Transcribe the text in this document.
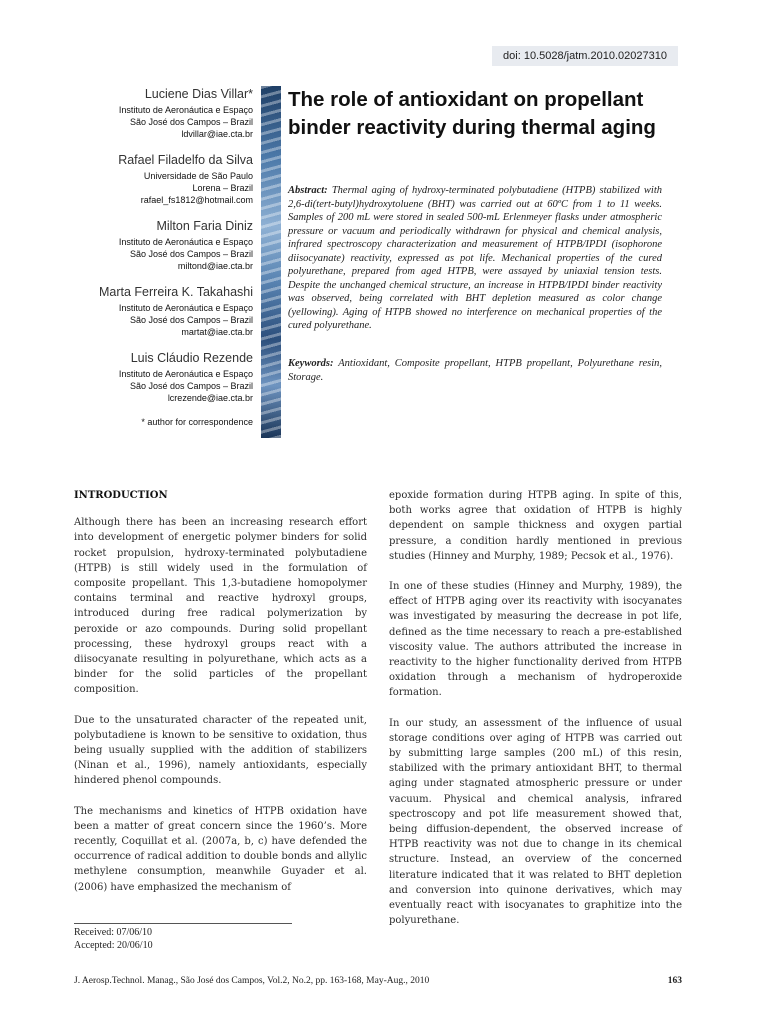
doi: 10.5028/jatm.2010.02027310
Luciene Dias Villar*
Instituto de Aeronáutica e Espaço
São José dos Campos – Brazil
ldvillar@iae.cta.br
Rafael Filadelfo da Silva
Universidade de São Paulo
Lorena – Brazil
rafael_fs1812@hotmail.com
Milton Faria Diniz
Instituto de Aeronáutica e Espaço
São José dos Campos – Brazil
miltond@iae.cta.br
Marta Ferreira K. Takahashi
Instituto de Aeronáutica e Espaço
São José dos Campos – Brazil
martat@iae.cta.br
Luis Cláudio Rezende
Instituto de Aeronáutica e Espaço
São José dos Campos – Brazil
lcrezende@iae.cta.br
* author for correspondence
The role of antioxidant on propellant binder reactivity during thermal aging

Abstract: Thermal aging of hydroxy-terminated polybutadiene (HTPB) stabilized with 2,6-di(tert-butyl)hydroxytoluene (BHT) was carried out at 60ºC from 1 to 11 weeks. Samples of 200 mL were stored in sealed 500-mL Erlenmeyer flasks under atmospheric pressure or vacuum and periodically withdrawn for physical and chemical analysis, infrared spectroscopy characterization and measurement of HTPB/IPDI (isophorone diisocyanate) reactivity, expressed as pot life. Mechanical properties of the cured polyurethane, prepared from aged HTPB, were assayed by uniaxial tension tests. Despite the unchanged chemical structure, an increase in HTPB/IPDI binder reactivity was observed, being correlated with BHT depletion measured as color change (yellowing). Aging of HTPB showed no interference on mechanical properties of the cured polyurethane.

Keywords: Antioxidant, Composite propellant, HTPB propellant, Polyurethane resin, Storage.

INTRODUCTION

Although there has been an increasing research effort into development of energetic polymer binders for solid rocket propulsion, hydroxy-terminated polybutadiene (HTPB) is still widely used in the formulation of composite propellant. This 1,3-butadiene homopolymer contains terminal and reactive hydroxyl groups, introduced during free radical polymerization by peroxide or azo compounds. During solid propellant processing, these hydroxyl groups react with a diisocyanate resulting in polyurethane, which acts as a binder for the solid particles of the propellant composition.

Due to the unsaturated character of the repeated unit, polybutadiene is known to be sensitive to oxidation, thus being usually supplied with the addition of stabilizers (Ninan et al., 1996), namely antioxidants, especially hindered phenol compounds.

The mechanisms and kinetics of HTPB oxidation have been a matter of great concern since the 1960’s. More recently, Coquillat et al. (2007a, b, c) have defended the occurrence of radical addition to double bonds and allylic methylene consumption, meanwhile Guyader et al. (2006) have emphasized the mechanism of

epoxide formation during HTPB aging. In spite of this, both works agree that oxidation of HTPB is highly dependent on sample thickness and oxygen partial pressure, a condition hardly mentioned in previous studies (Hinney and Murphy, 1989; Pecsok et al., 1976).

In one of these studies (Hinney and Murphy, 1989), the effect of HTPB aging over its reactivity with isocyanates was investigated by measuring the decrease in pot life, defined as the time necessary to reach a pre-established viscosity value. The authors attributed the increase in reactivity to the higher functionality derived from HTPB oxidation through a mechanism of hydroperoxide formation.

In our study, an assessment of the influence of usual storage conditions over aging of HTPB was carried out by submitting large samples (200 mL) of this resin, stabilized with the primary antioxidant BHT, to thermal aging under stagnated atmospheric pressure or under vacuum. Physical and chemical analysis, infrared spectroscopy and pot life measurement showed that, being diffusion-dependent, the observed increase of HTPB reactivity was not due to change in its chemical structure. Instead, an overview of the concerned literature indicated that it was related to BHT depletion and conversion into quinone derivatives, which may eventually react with isocyanates to graphitize into the polyurethane.

Received: 07/06/10
Accepted: 20/06/10
J. Aerosp.Technol. Manag., São José dos Campos, Vol.2, No.2, pp. 163-168, May-Aug., 2010	163
